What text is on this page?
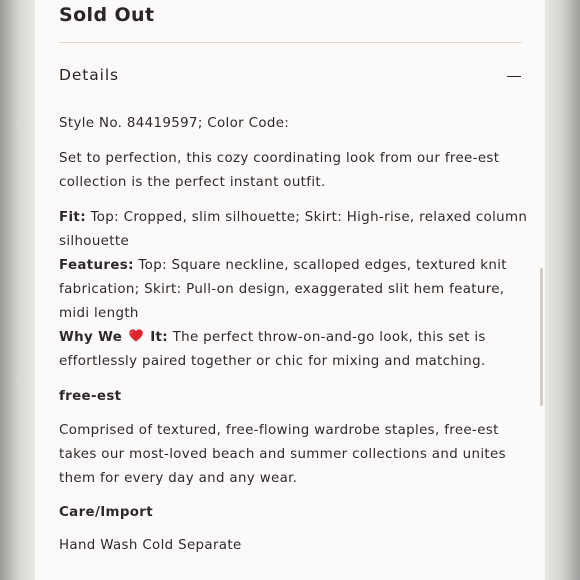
Sold Out
Details

Style No. 84419597; Color Code:

Set to perfection, this cozy coordinating look from our free-est collection is the perfect instant outfit.

Fit: Top: Cropped, slim silhouette; Skirt: High-rise, relaxed column silhouette

Features: Top: Square neckline, scalloped edges, textured knit fabrication; Skirt: Pull-on design, exaggerated slit hem feature, midi length

Why We  It: The perfect throw-on-and-go look, this set is effortlessly paired together or chic for mixing and matching.

free-est

Comprised of textured, free-flowing wardrobe staples, free-est takes our most-loved beach and summer collections and unites them for every day and any wear.

Care/Import

Hand Wash Cold Separate
